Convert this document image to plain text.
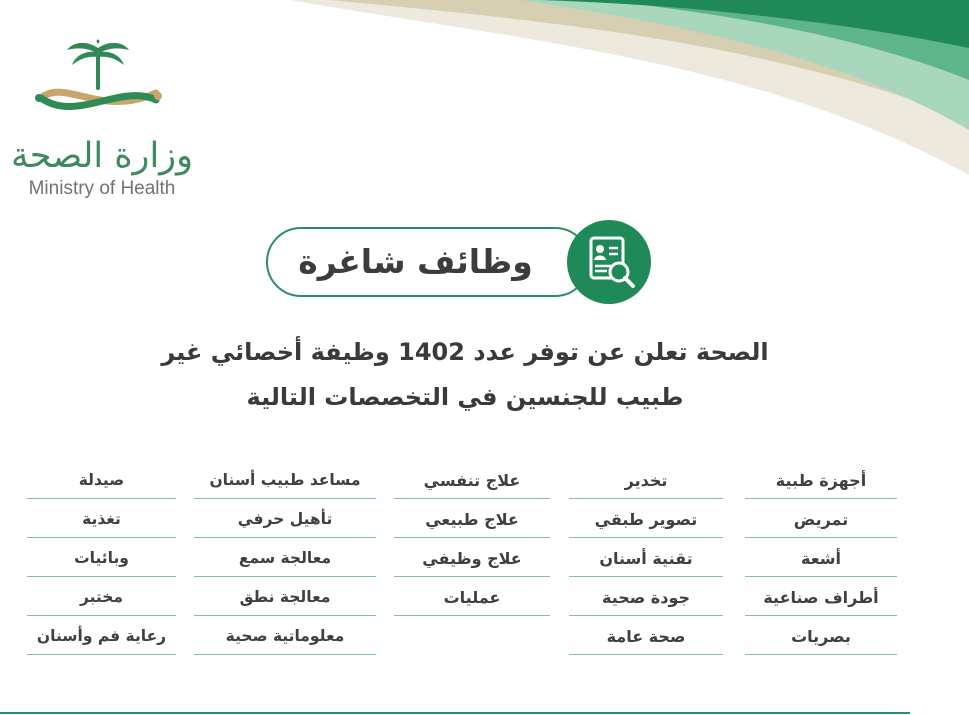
وزارة الصحة
Ministry of Health
وظائف شاغرة
الصحة تعلن عن توفر عدد 1402 وظيفة أخصائي غير
طبيب للجنسين في التخصصات التالية
أجهزة طبية
تمريض
أشعة
أطراف صناعية
بصريات
تخدير
تصوير طبقي
تقنية أسنان
جودة صحية
صحة عامة
علاج تنفسي
علاج طبيعي
علاج وظيفي
عمليات
مساعد طبيب أسنان
تأهيل حرفي
معالجة سمع
معالجة نطق
معلوماتية صحية
صيدلة
تغذية
وبائيات
مختبر
رعاية فم وأسنان
